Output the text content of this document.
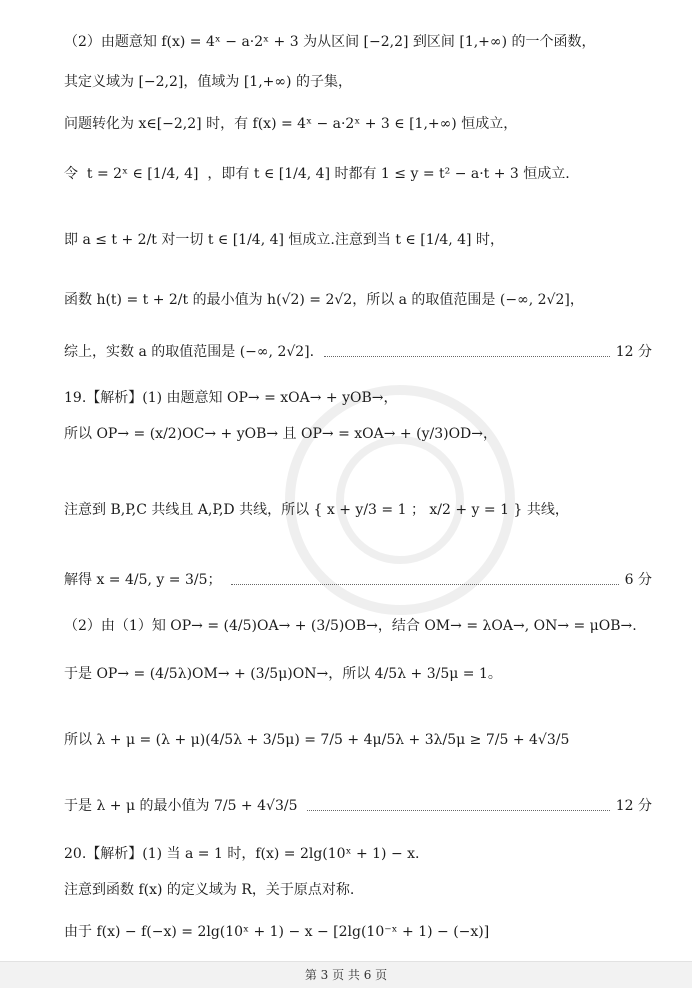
（2）由题意知 f(x) = 4ˣ − a·2ˣ + 3 为从区间 [−2,2] 到区间 [1,+∞) 的一个函数，
其定义域为 [−2,2]，值域为 [1,+∞) 的子集，
问题转化为 x∈[−2,2] 时，有 f(x) = 4ˣ − a·2ˣ + 3 ∈ [1,+∞) 恒成立，
令  t = 2ˣ ∈ [1/4, 4]  ，即有 t ∈ [1/4, 4] 时都有 1 ≤ y = t² − a·t + 3 恒成立.
即 a ≤ t + 2/t 对一切 t ∈ [1/4, 4] 恒成立.注意到当 t ∈ [1/4, 4] 时，
函数 h(t) = t + 2/t 的最小值为 h(√2) = 2√2，所以 a 的取值范围是 (−∞, 2√2]，
综上，实数 a 的取值范围是 (−∞, 2√2].	12 分
19.【解析】(1) 由题意知 OP→ = xOA→ + yOB→，
所以 OP→ = (x/2)OC→ + yOB→ 且 OP→ = xOA→ + (y/3)OD→，
注意到 B,P,C 共线且 A,P,D 共线，所以 { x + y/3 = 1 ； x/2 + y = 1 } 共线，
解得 x = 4/5, y = 3/5；	6 分
（2）由（1）知 OP→ = (4/5)OA→ + (3/5)OB→，结合 OM→ = λOA→, ON→ = μOB→.
于是 OP→ = (4/5λ)OM→ + (3/5μ)ON→，所以 4/5λ + 3/5μ = 1。
所以 λ + μ = (λ + μ)(4/5λ + 3/5μ) = 7/5 + 4μ/5λ + 3λ/5μ ≥ 7/5 + 4√3/5
于是 λ + μ 的最小值为 7/5 + 4√3/5	12 分
20.【解析】(1) 当 a = 1 时，f(x) = 2lg(10ˣ + 1) − x.
注意到函数 f(x) 的定义域为 R，关于原点对称.
由于 f(x) − f(−x) = 2lg(10ˣ + 1) − x − [2lg(10⁻ˣ + 1) − (−x)]
第 3 页 共 6 页
